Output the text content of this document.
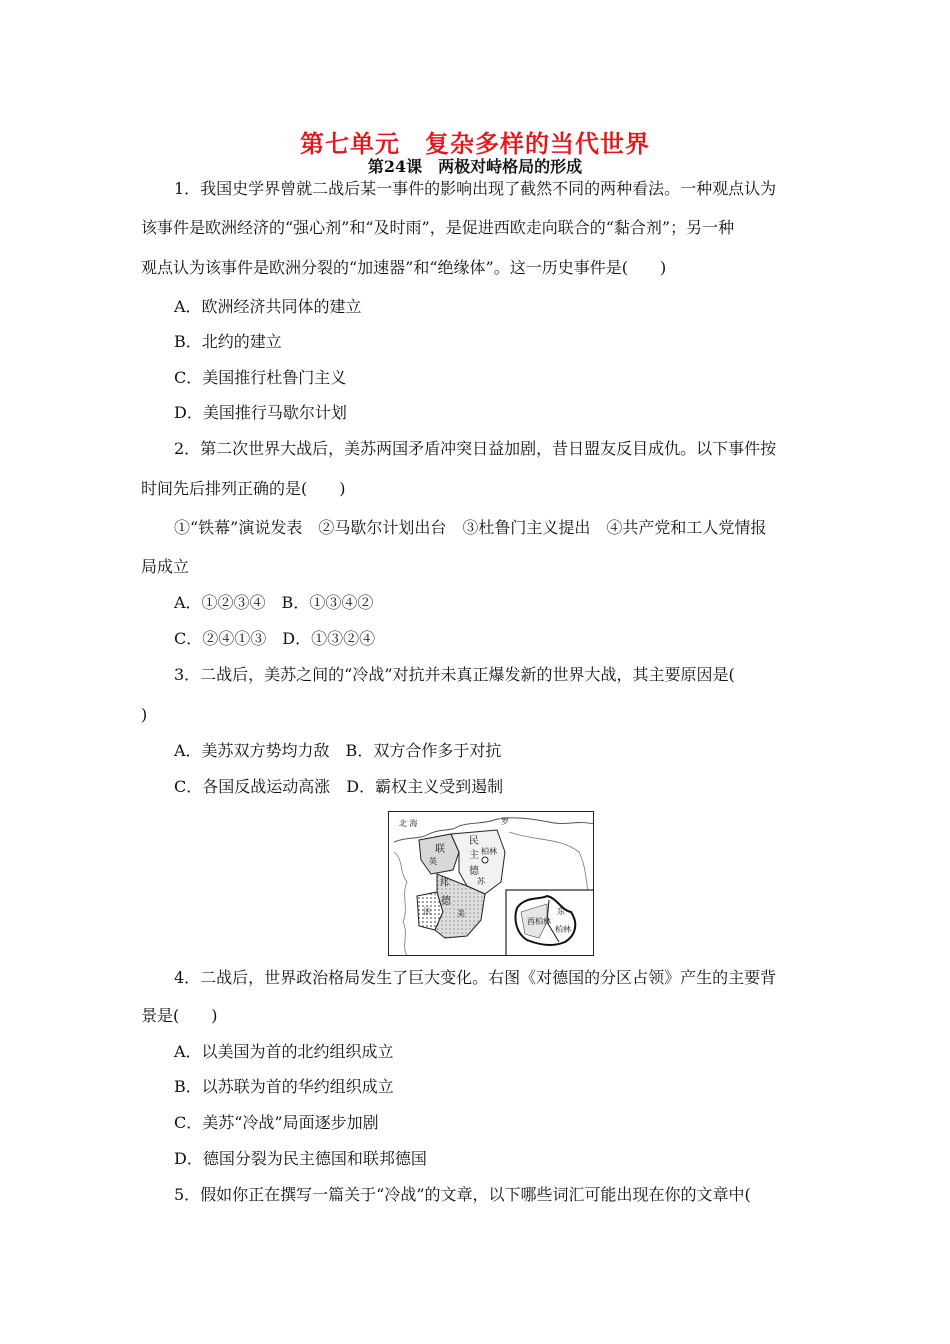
第七单元　复杂多样的当代世界
第24课　两极对峙格局的形成
1．我国史学界曾就二战后某一事件的影响出现了截然不同的两种看法。一种观点认为
该事件是欧洲经济的“强心剂”和“及时雨”，是促进西欧走向联合的“黏合剂”；另一种
观点认为该事件是欧洲分裂的“加速器”和“绝缘体”。这一历史事件是(　　)
A．欧洲经济共同体的建立
B．北约的建立
C．美国推行杜鲁门主义
D．美国推行马歇尔计划
2．第二次世界大战后，美苏两国矛盾冲突日益加剧，昔日盟友反目成仇。以下事件按
时间先后排列正确的是(　　)
①“铁幕”演说发表　②马歇尔计划出台　③杜鲁门主义提出　④共产党和工人党情报
局成立
A．①②③④　B．①③④②
C．②④①③　D．①③②④
3．二战后，美苏之间的“冷战”对抗并未真正爆发新的世界大战，其主要原因是(
)
A．美苏双方势均力敌　B．双方合作多于对抗
C．各国反战运动高涨　D．霸权主义受到遏制
北 海	罗
联
邦
德
民
主
德
柏林
美
英
法
苏
西柏林
东
柏林
4．二战后，世界政治格局发生了巨大变化。右图《对德国的分区占领》产生的主要背
景是(　　)
A．以美国为首的北约组织成立
B．以苏联为首的华约组织成立
C．美苏“冷战”局面逐步加剧
D．德国分裂为民主德国和联邦德国
5．假如你正在撰写一篇关于“冷战”的文章，以下哪些词汇可能出现在你的文章中(
